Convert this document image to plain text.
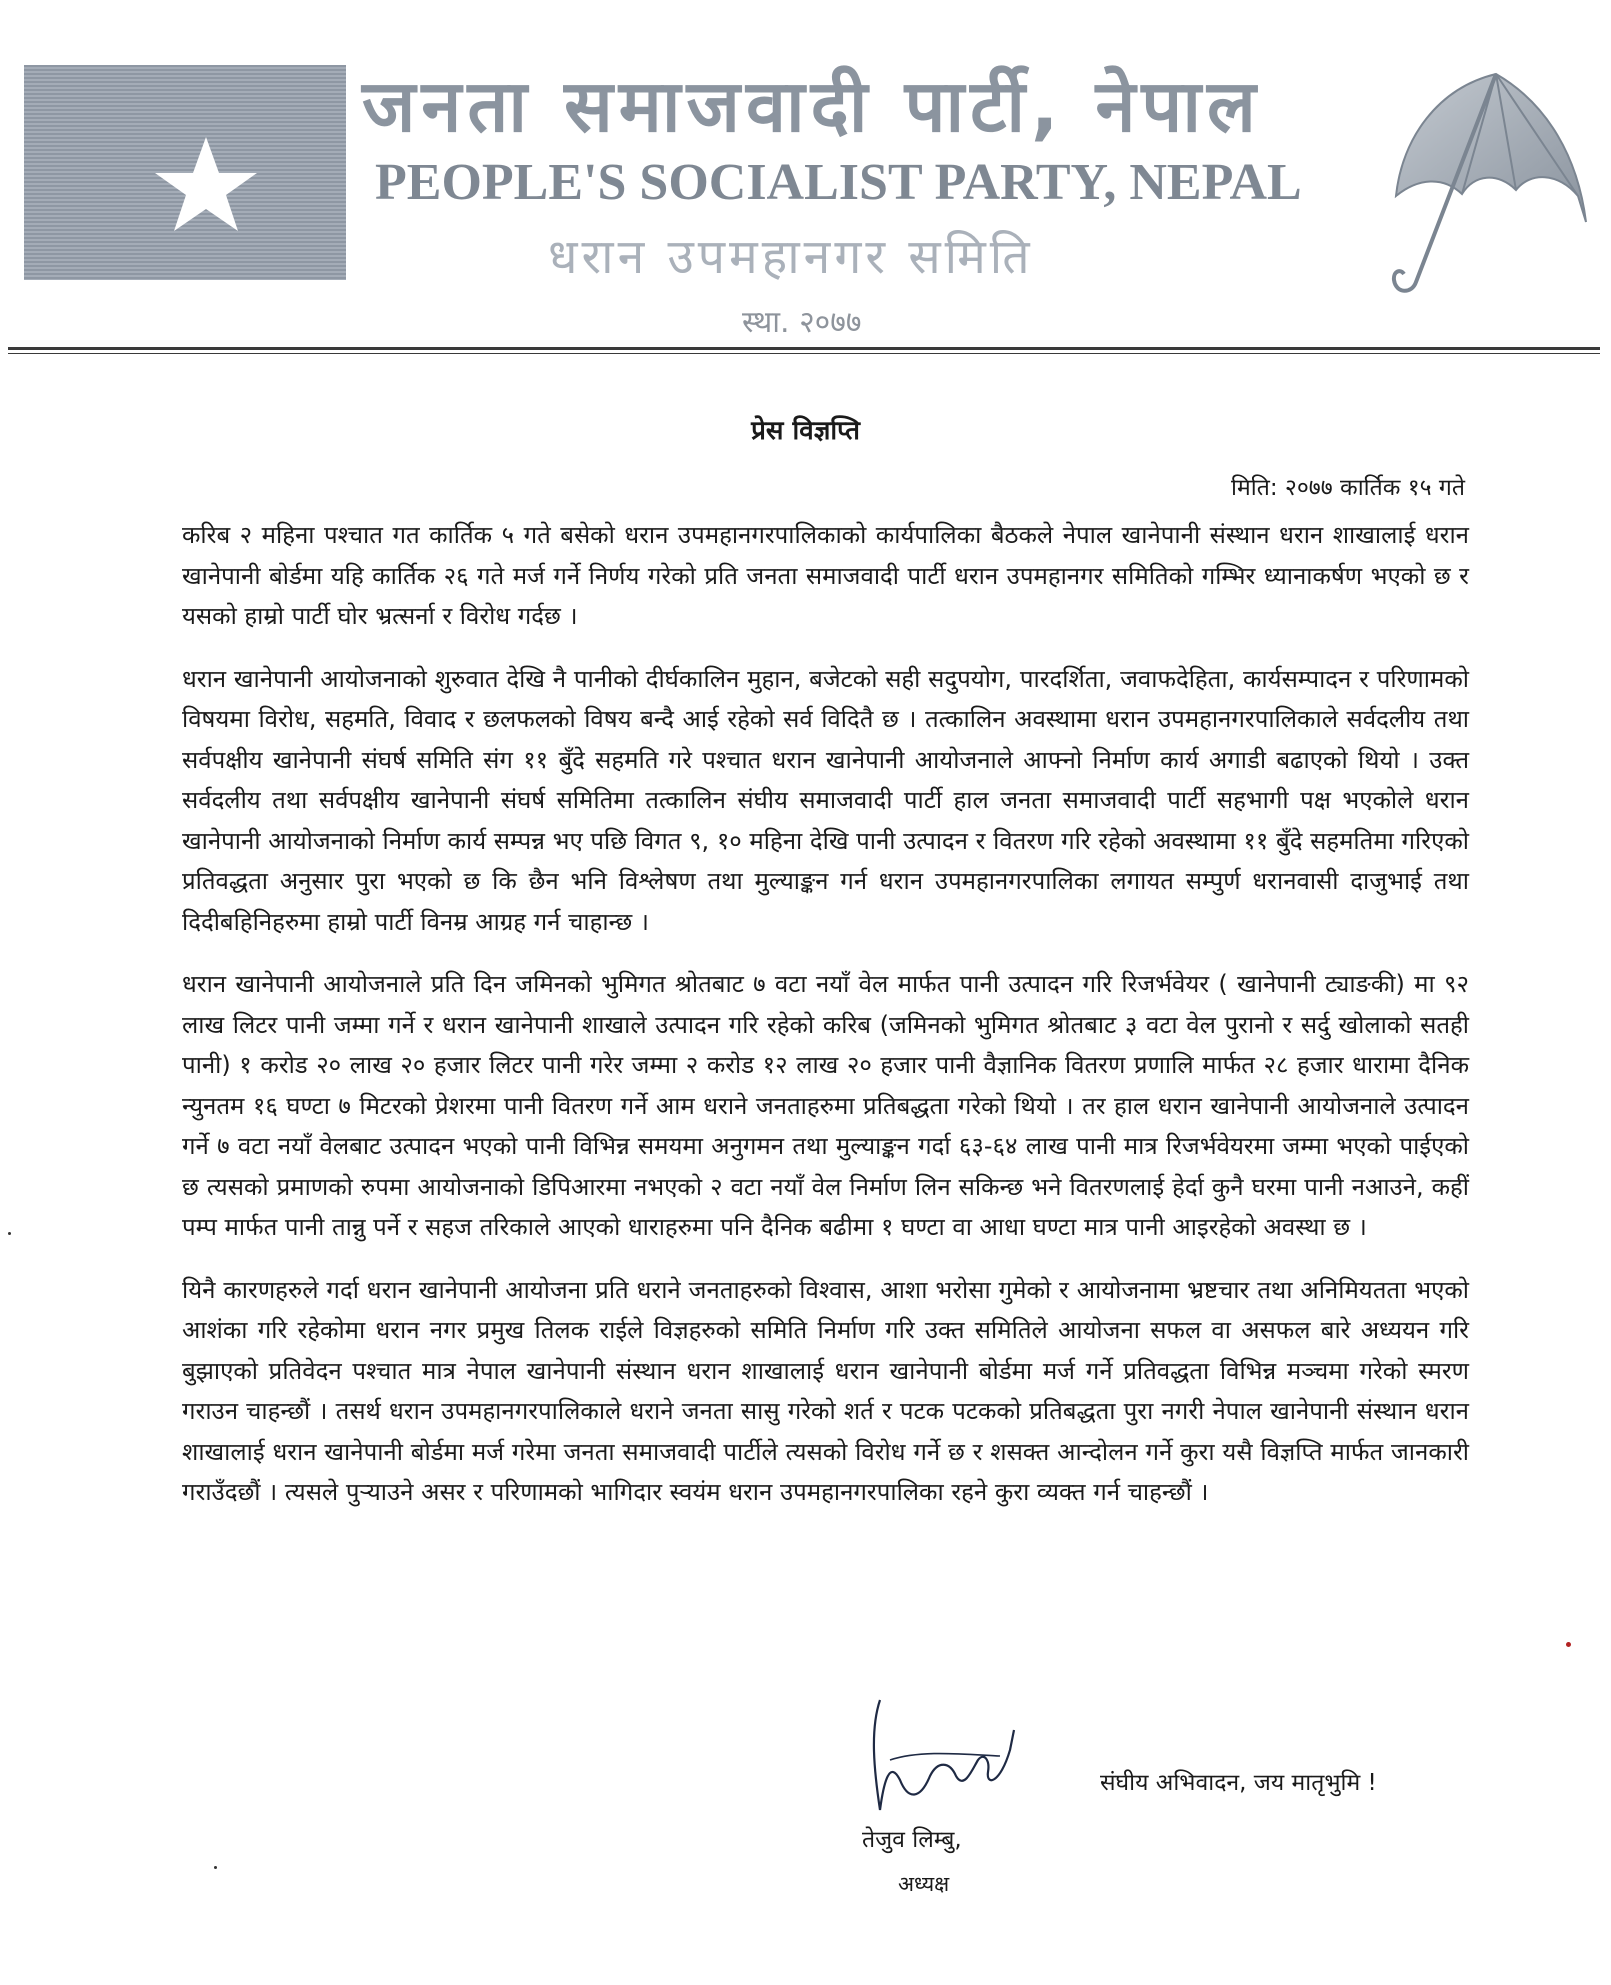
जनता समाजवादी पार्टी, नेपाल
PEOPLE'S SOCIALIST PARTY, NEPAL
धरान उपमहानगर समिति
स्था. २०७७
प्रेस विज्ञप्ति
मिति: २०७७ कार्तिक १५ गते

करिब २ महिना पश्चात गत कार्तिक ५ गते बसेको धरान उपमहानगरपालिकाको कार्यपालिका बैठकले नेपाल खानेपानी संस्थान धरान शाखालाई धरान खानेपानी बोर्डमा यहि कार्तिक २६ गते मर्ज गर्ने निर्णय गरेको प्रति जनता समाजवादी पार्टी धरान उपमहानगर समितिको गम्भिर ध्यानाकर्षण भएको छ र यसको हाम्रो पार्टी घोर भ्रत्सर्ना र विरोध गर्दछ ।

धरान खानेपानी आयोजनाको शुरुवात देखि नै पानीको दीर्घकालिन मुहान, बजेटको सही सदुपयोग, पारदर्शिता, जवाफदेहिता, कार्यसम्पादन र परिणामको विषयमा विरोध, सहमति, विवाद र छलफलको विषय बन्दै आई रहेको सर्व विदितै छ । तत्कालिन अवस्थामा धरान उपमहानगरपालिकाले सर्वदलीय तथा सर्वपक्षीय खानेपानी संघर्ष समिति संग ११ बुँदे सहमति गरे पश्चात धरान खानेपानी आयोजनाले आफ्नो निर्माण कार्य अगाडी बढाएको थियो । उक्त सर्वदलीय तथा सर्वपक्षीय खानेपानी संघर्ष समितिमा तत्कालिन संघीय समाजवादी पार्टी हाल जनता समाजवादी पार्टी सहभागी पक्ष भएकोले धरान खानेपानी आयोजनाको निर्माण कार्य सम्पन्न भए पछि विगत ९, १० महिना देखि पानी उत्पादन र वितरण गरि रहेको अवस्थामा ११ बुँदे सहमतिमा गरिएको प्रतिवद्धता अनुसार पुरा भएको छ कि छैन भनि विश्लेषण तथा मुल्याङ्कन गर्न धरान उपमहानगरपालिका लगायत सम्पुर्ण धरानवासी दाजुभाई तथा दिदीबहिनिहरुमा हाम्रो पार्टी विनम्र आग्रह गर्न चाहान्छ ।

धरान खानेपानी आयोजनाले प्रति दिन जमिनको भुमिगत श्रोतबाट ७ वटा नयाँ वेल मार्फत पानी उत्पादन गरि रिजर्भवेयर ( खानेपानी ट्याङकी) मा ९२ लाख लिटर पानी जम्मा गर्ने र धरान खानेपानी शाखाले उत्पादन गरि रहेको करिब (जमिनको भुमिगत श्रोतबाट ३ वटा वेल पुरानो र सर्दु खोलाको सतही पानी) १ करोड २० लाख २० हजार लिटर पानी गरेर जम्मा २ करोड १२ लाख २० हजार पानी वैज्ञानिक वितरण प्रणालि मार्फत २८ हजार धारामा दैनिक न्युनतम १६ घण्टा ७ मिटरको प्रेशरमा पानी वितरण गर्ने आम धराने जनताहरुमा प्रतिबद्धता गरेको थियो । तर हाल धरान खानेपानी आयोजनाले उत्पादन गर्ने ७ वटा नयाँ वेलबाट उत्पादन भएको पानी विभिन्न समयमा अनुगमन तथा मुल्याङ्कन गर्दा ६३-६४ लाख पानी मात्र रिजर्भवेयरमा जम्मा भएको पाईएको छ त्यसको प्रमाणको रुपमा आयोजनाको डिपिआरमा नभएको २ वटा नयाँ वेल निर्माण लिन सकिन्छ भने वितरणलाई हेर्दा कुनै घरमा पानी नआउने, कहीं पम्प मार्फत पानी तान्नु पर्ने र सहज तरिकाले आएको धाराहरुमा पनि दैनिक बढीमा १ घण्टा वा आधा घण्टा मात्र पानी आइरहेको अवस्था छ ।

यिनै कारणहरुले गर्दा धरान खानेपानी आयोजना प्रति धराने जनताहरुको विश्वास, आशा भरोसा गुमेको र आयोजनामा भ्रष्टचार तथा अनिमियतता भएको आशंका गरि रहेकोमा धरान नगर प्रमुख तिलक राईले विज्ञहरुको समिति निर्माण गरि उक्त समितिले आयोजना सफल वा असफल बारे अध्ययन गरि बुझाएको प्रतिवेदन पश्चात मात्र नेपाल खानेपानी संस्थान धरान शाखालाई धरान खानेपानी बोर्डमा मर्ज गर्ने प्रतिवद्धता विभिन्न मञ्चमा गरेको स्मरण गराउन चाहन्छौं । तसर्थ धरान उपमहानगरपालिकाले धराने जनता सासु गरेको शर्त र पटक पटकको प्रतिबद्धता पुरा नगरी नेपाल खानेपानी संस्थान धरान शाखालाई धरान खानेपानी बोर्डमा मर्ज गरेमा जनता समाजवादी पार्टीले त्यसको विरोध गर्ने छ र शसक्त आन्दोलन गर्ने कुरा यसै विज्ञप्ति मार्फत जानकारी गराउँदछौं । त्यसले पुर्‍याउने असर र परिणामको भागिदार स्वयंम धरान उपमहानगरपालिका रहने कुरा व्यक्त गर्न चाहन्छौं ।

संघीय अभिवादन, जय मातृभुमि !
तेजुव लिम्बु,
अध्यक्ष
